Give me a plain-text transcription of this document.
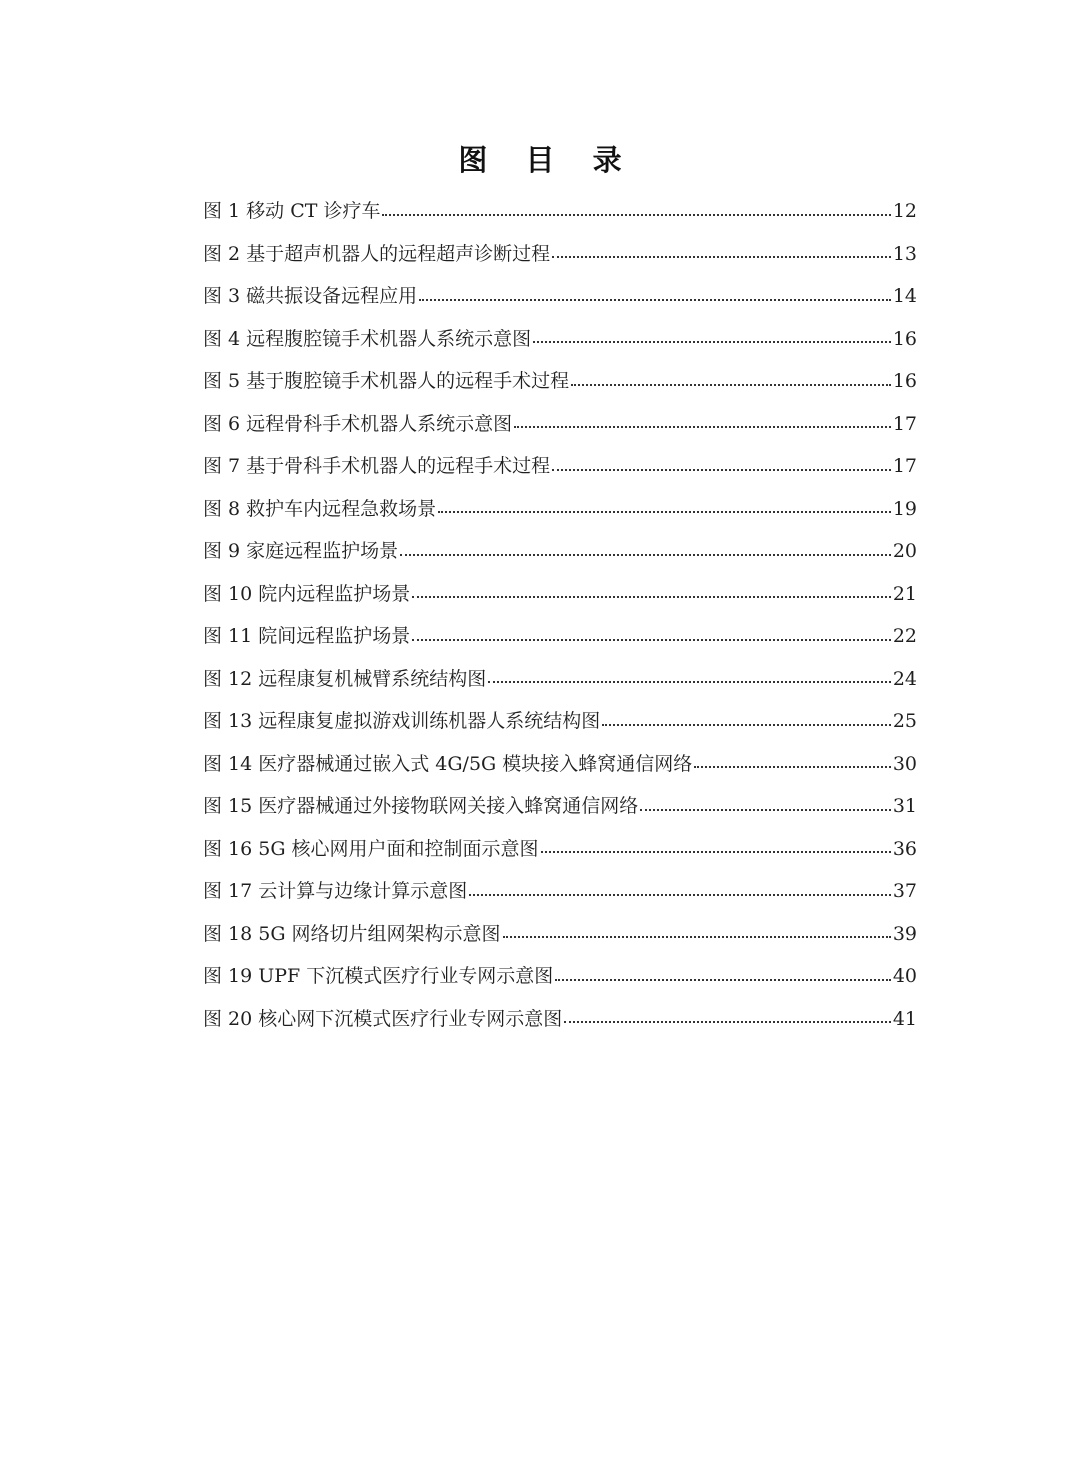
图 目 录
图 1 移动 CT 诊疗车	12
图 2 基于超声机器人的远程超声诊断过程	13
图 3 磁共振设备远程应用	14
图 4 远程腹腔镜手术机器人系统示意图	16
图 5 基于腹腔镜手术机器人的远程手术过程	16
图 6 远程骨科手术机器人系统示意图	17
图 7 基于骨科手术机器人的远程手术过程	17
图 8 救护车内远程急救场景	19
图 9 家庭远程监护场景	20
图 10 院内远程监护场景	21
图 11 院间远程监护场景	22
图 12 远程康复机械臂系统结构图	24
图 13 远程康复虚拟游戏训练机器人系统结构图	25
图 14 医疗器械通过嵌入式 4G/5G 模块接入蜂窝通信网络	30
图 15 医疗器械通过外接物联网关接入蜂窝通信网络	31
图 16 5G 核心网用户面和控制面示意图	36
图 17 云计算与边缘计算示意图	37
图 18 5G 网络切片组网架构示意图	39
图 19 UPF 下沉模式医疗行业专网示意图	40
图 20 核心网下沉模式医疗行业专网示意图	41
